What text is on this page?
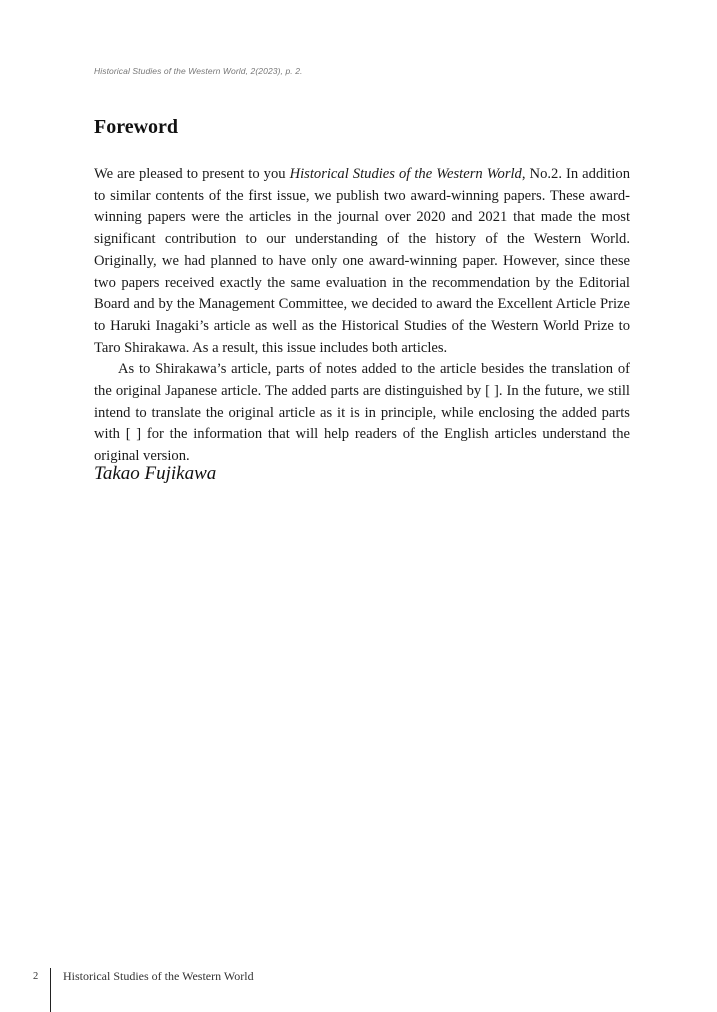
Historical Studies of the Western World, 2(2023), p. 2.
Foreword

We are pleased to present to you Historical Studies of the Western World, No.2. In addition to similar contents of the first issue, we publish two award-winning papers. These award-winning papers were the articles in the journal over 2020 and 2021 that made the most significant contribution to our understanding of the history of the Western World. Originally, we had planned to have only one award-winning paper. However, since these two papers received exactly the same evaluation in the recommendation by the Editorial Board and by the Management Committee, we decided to award the Excellent Article Prize to Haruki Inagaki’s article as well as the Historical Studies of the Western World Prize to Taro Shirakawa. As a result, this issue includes both articles.

As to Shirakawa’s article, parts of notes added to the article besides the translation of the original Japanese article. The added parts are distinguished by [ ]. In the future, we still intend to translate the original article as it is in principle, while enclosing the added parts with [ ] for the information that will help readers of the English articles understand the original version.

Takao Fujikawa
2 Historical Studies of the Western World
